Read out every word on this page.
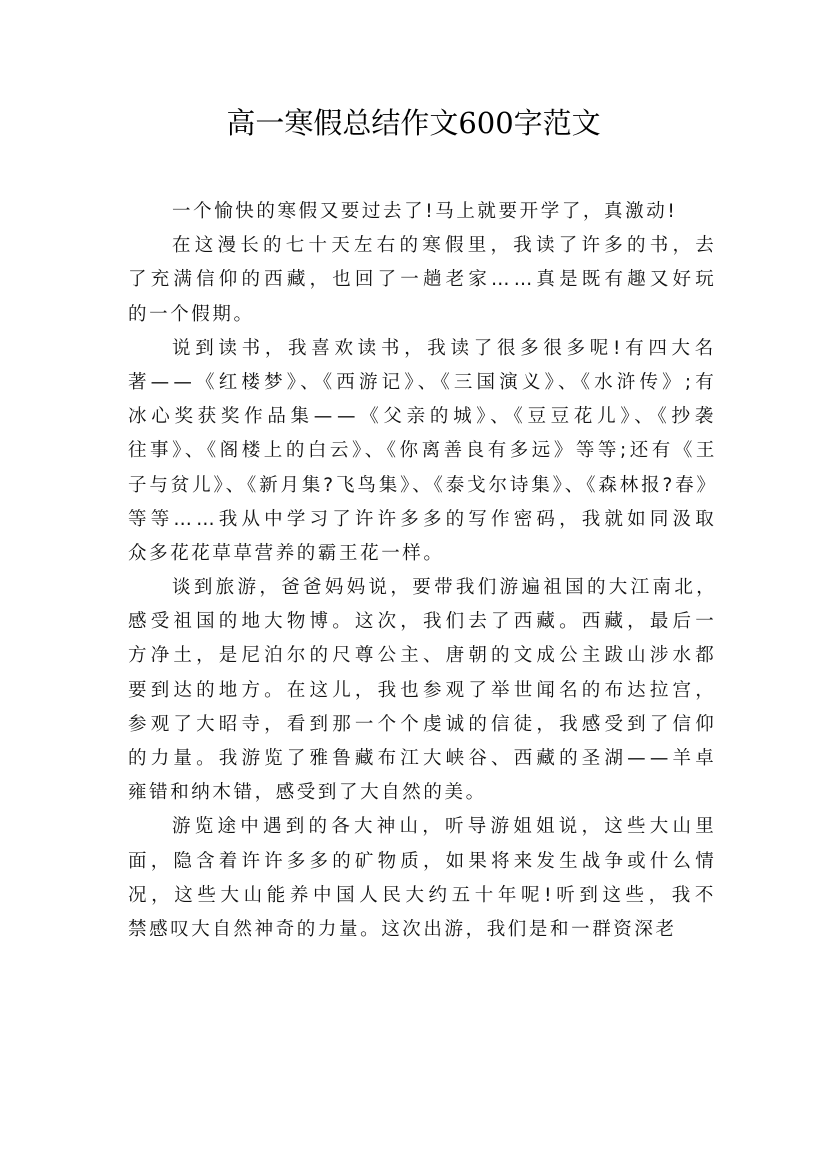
高一寒假总结作文600字范文
一个愉快的寒假又要过去了!马上就要开学了，真激动!
在这漫长的七十天左右的寒假里，我读了许多的书，去
了充满信仰的西藏，也回了一趟老家……真是既有趣又好玩
的一个假期。
说到读书，我喜欢读书，我读了很多很多呢!有四大名
著——《红楼梦》、《西游记》、《三国演义》、《水浒传》;有
冰心奖获奖作品集——《父亲的城》、《豆豆花儿》、《抄袭
往事》、《阁楼上的白云》、《你离善良有多远》等等;还有《王
子与贫儿》、《新月集?飞鸟集》、《泰戈尔诗集》、《森林报?春》
等等……我从中学习了许许多多的写作密码，我就如同汲取
众多花花草草营养的霸王花一样。
谈到旅游，爸爸妈妈说，要带我们游遍祖国的大江南北，
感受祖国的地大物博。这次，我们去了西藏。西藏，最后一
方净土，是尼泊尔的尺尊公主、唐朝的文成公主跋山涉水都
要到达的地方。在这儿，我也参观了举世闻名的布达拉宫，
参观了大昭寺，看到那一个个虔诚的信徒，我感受到了信仰
的力量。我游览了雅鲁藏布江大峡谷、西藏的圣湖——羊卓
雍错和纳木错，感受到了大自然的美。
游览途中遇到的各大神山，听导游姐姐说，这些大山里
面，隐含着许许多多的矿物质，如果将来发生战争或什么情
况，这些大山能养中国人民大约五十年呢!听到这些，我不
禁感叹大自然神奇的力量。这次出游，我们是和一群资深老
